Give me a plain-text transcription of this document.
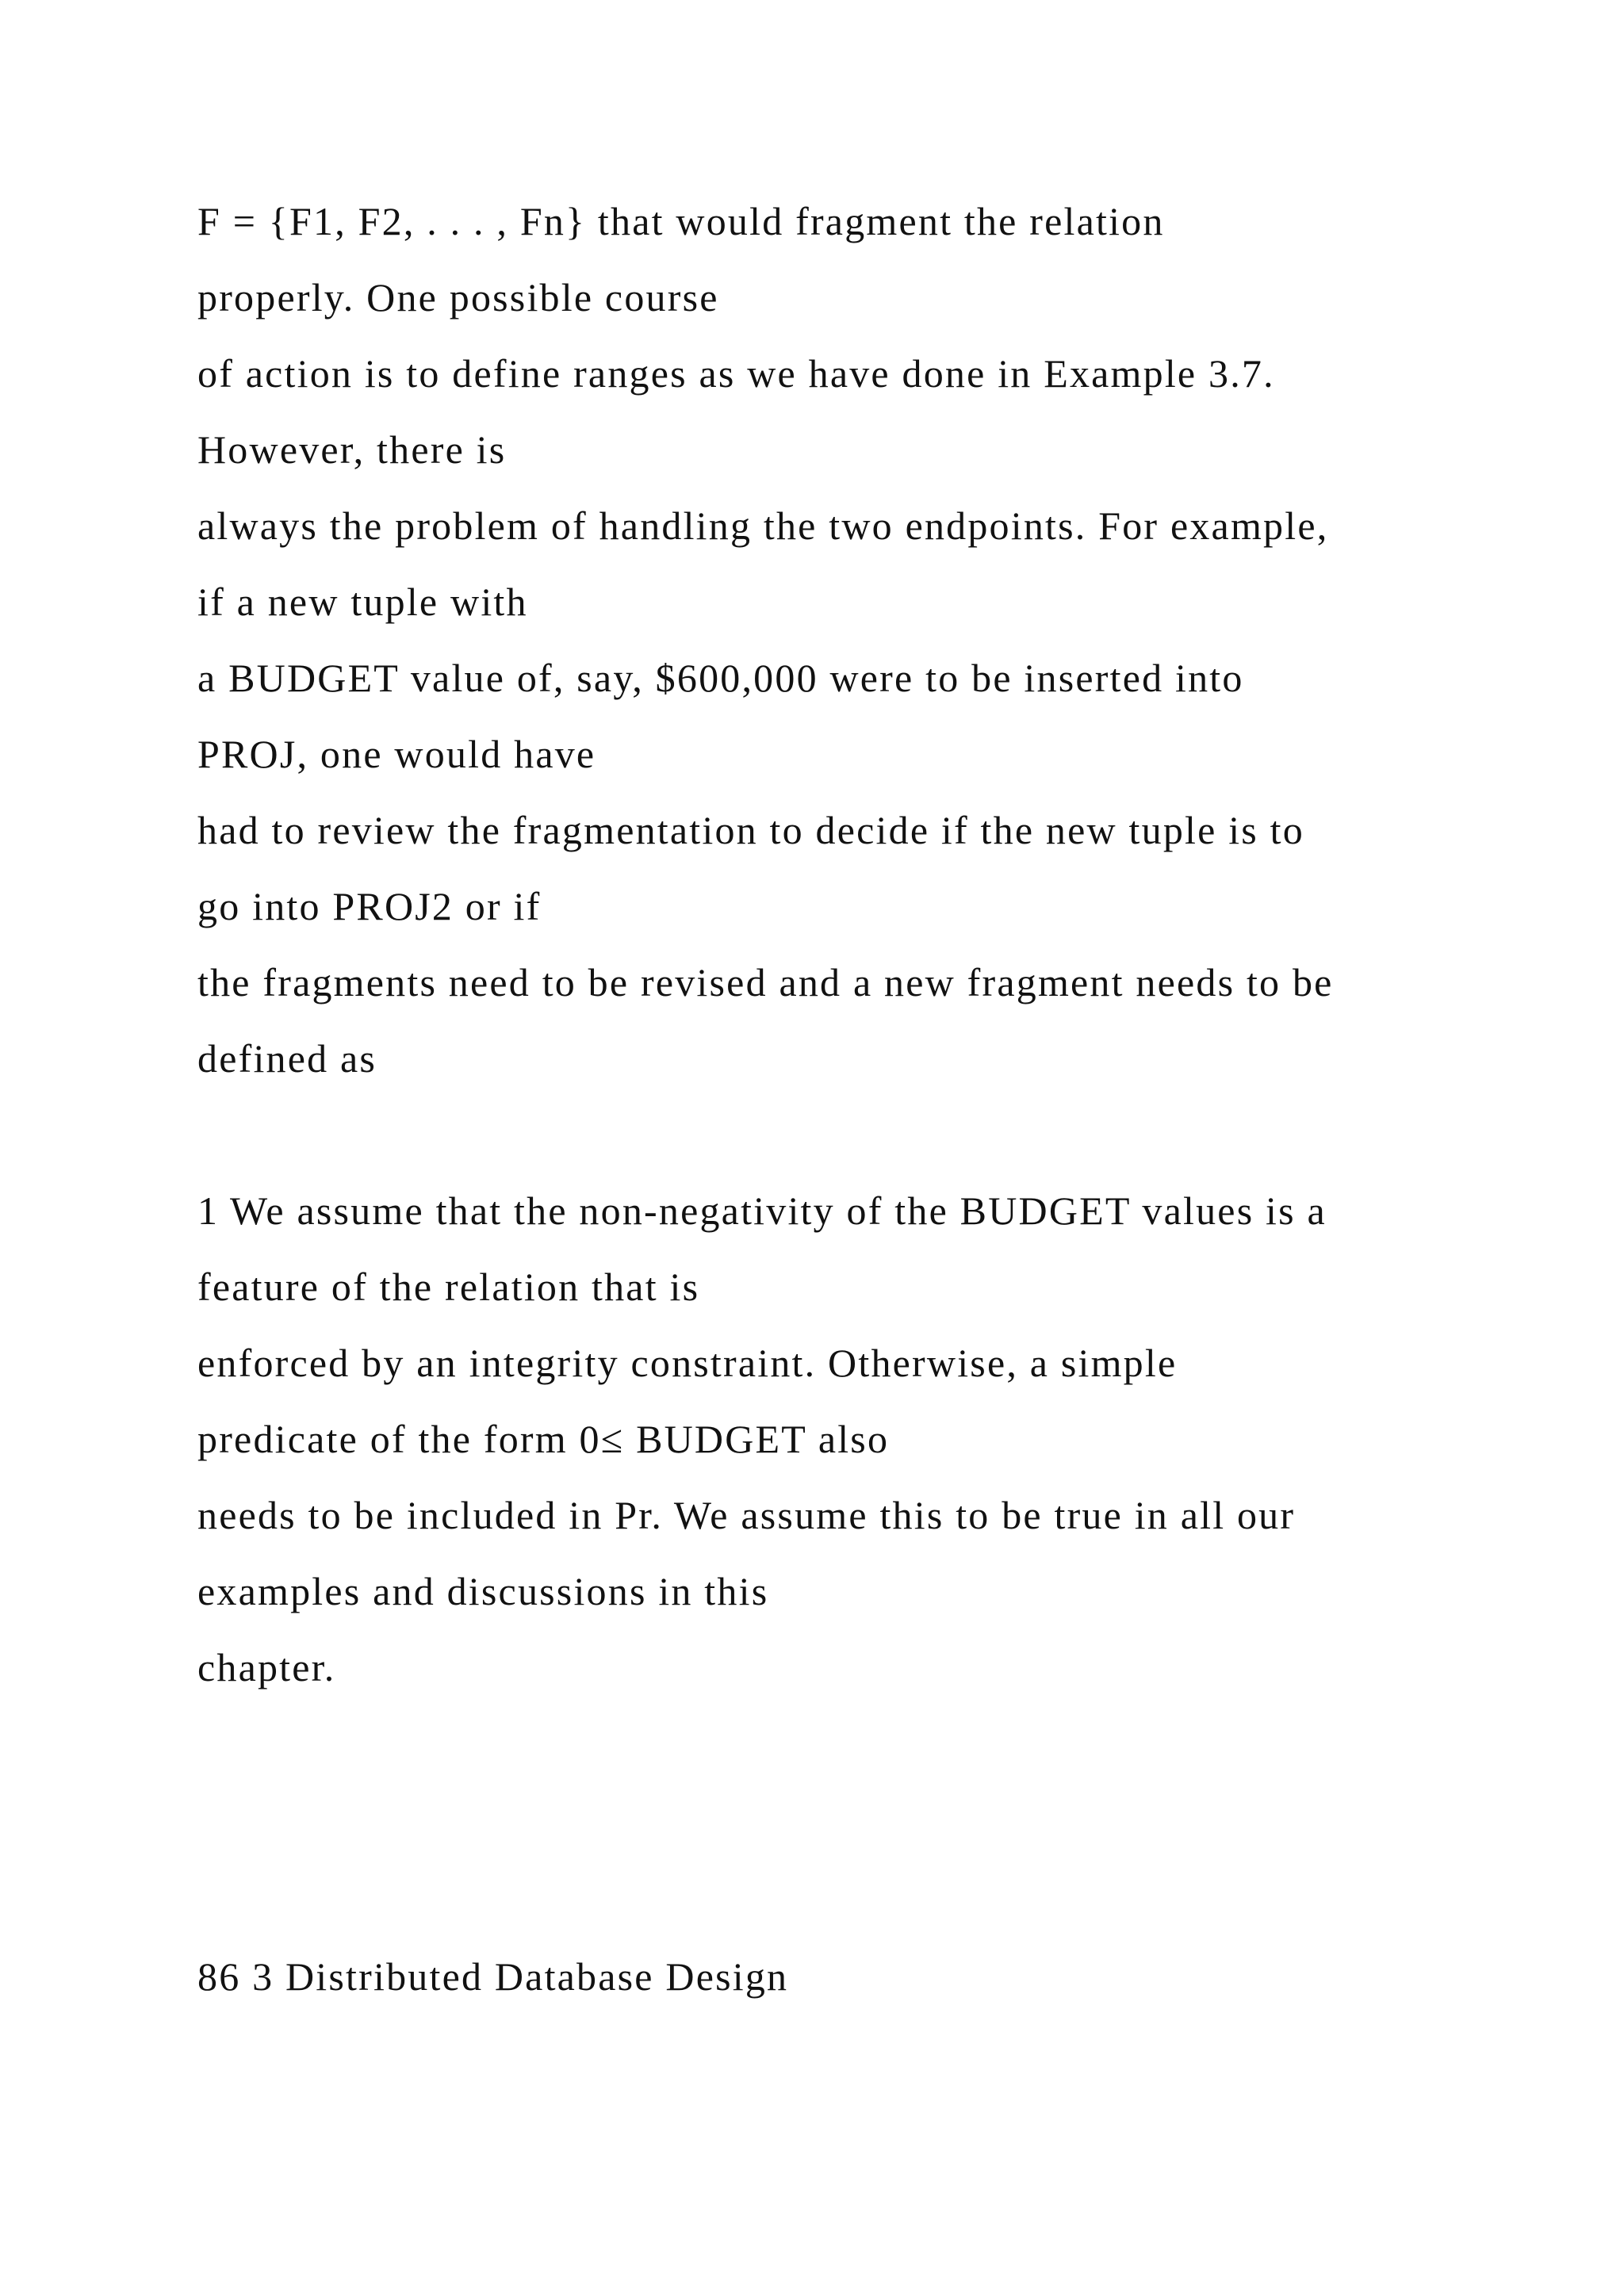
F = {F1, F2, . . . , Fn} that would fragment the relation

properly. One possible course

of action is to define ranges as we have done in Example 3.7.

However, there is

always the problem of handling the two endpoints. For example,

if a new tuple with

a BUDGET value of, say, $600,000 were to be inserted into

PROJ, one would have

had to review the fragmentation to decide if the new tuple is to

go into PROJ2 or if

the fragments need to be revised and a new fragment needs to be

defined as

1 We assume that the non-negativity of the BUDGET values is a

feature of the relation that is

enforced by an integrity constraint. Otherwise, a simple

predicate of the form 0≤ BUDGET also

needs to be included in Pr. We assume this to be true in all our

examples and discussions in this

chapter.

86 3 Distributed Database Design
